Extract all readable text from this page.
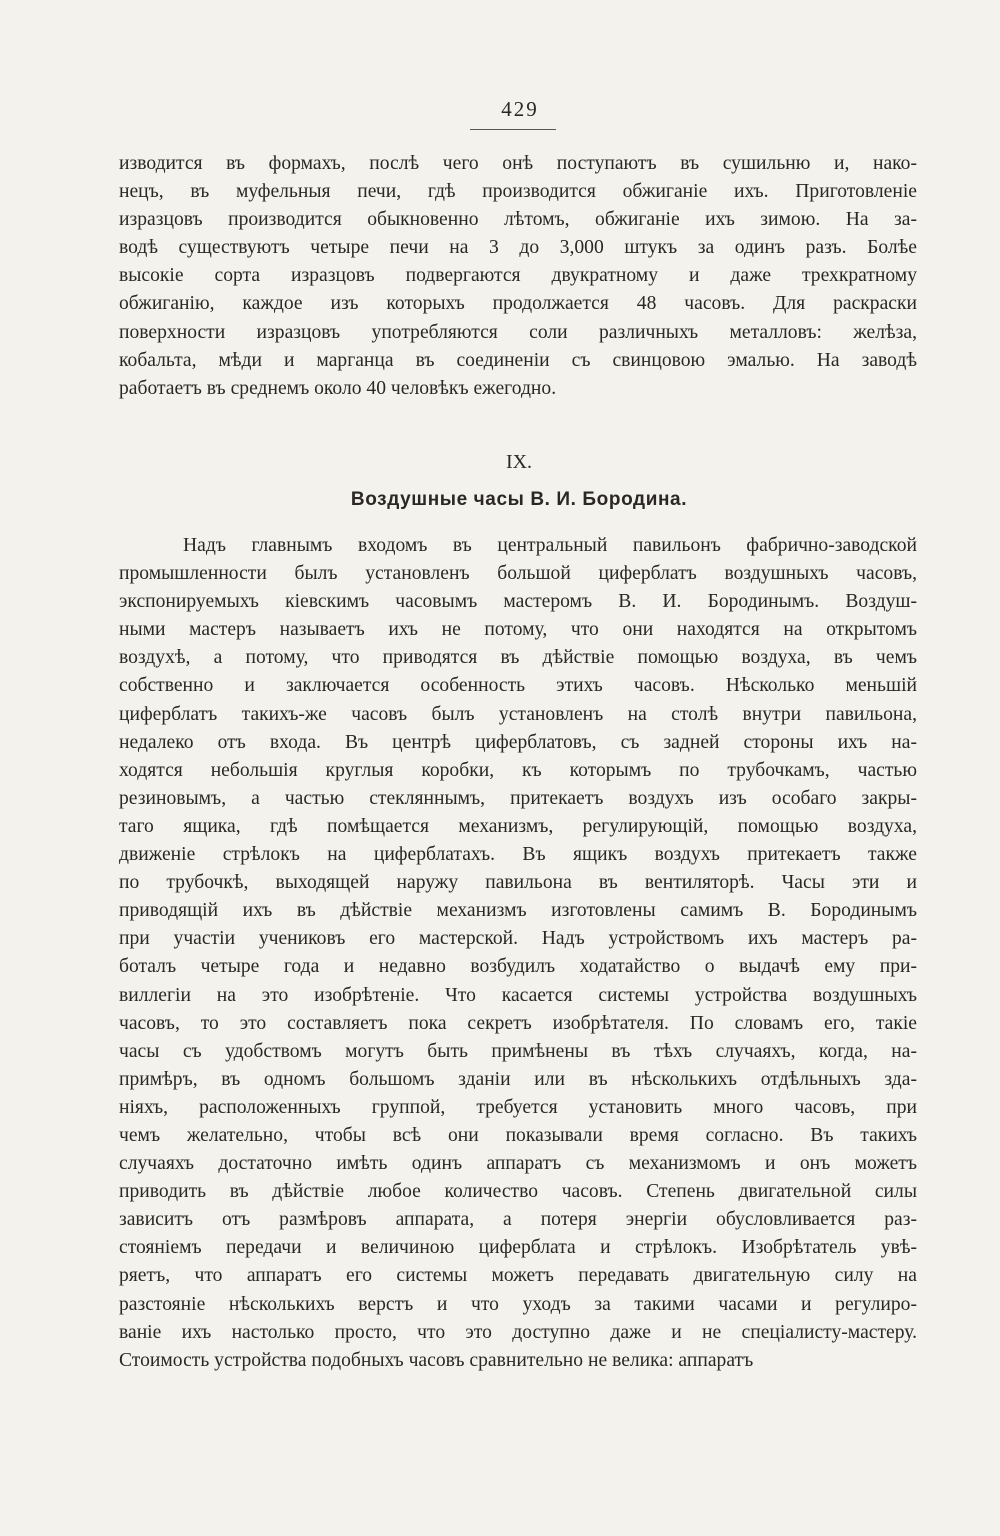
429
изводится въ формахъ, послѣ чего онѣ поступаютъ въ сушильню и, нако-
нецъ, въ муфельныя печи, гдѣ производится обжиганіе ихъ. Приготовленіе
изразцовъ производится обыкновенно лѣтомъ, обжиганіе ихъ зимою. На за-
водѣ существуютъ четыре печи на 3 до 3,000 штукъ за одинъ разъ. Болѣе
высокіе сорта изразцовъ подвергаются двукратному и даже трехкратному
обжиганію, каждое изъ которыхъ продолжается 48 часовъ. Для раскраски
поверхности изразцовъ употребляются соли различныхъ металловъ: желѣза,
кобальта, мѣди и марганца въ соединеніи съ свинцовою эмалью. На заводѣ
работаетъ въ среднемъ около 40 человѣкъ ежегодно.
IX.
Воздушные часы В. И. Бородина.
Надъ главнымъ входомъ въ центральный павильонъ фабрично-заводской
промышленности былъ установленъ большой циферблатъ воздушныхъ часовъ,
экспонируемыхъ кіевскимъ часовымъ мастеромъ В. И. Бородинымъ. Воздуш-
ными мастеръ называетъ ихъ не потому, что они находятся на открытомъ
воздухѣ, а потому, что приводятся въ дѣйствіе помощью воздуха, въ чемъ
собственно и заключается особенность этихъ часовъ. Нѣсколько меньшій
циферблатъ такихъ-же часовъ былъ установленъ на столѣ внутри павильона,
недалеко отъ входа. Въ центрѣ циферблатовъ, съ задней стороны ихъ на-
ходятся небольшія круглыя коробки, къ которымъ по трубочкамъ, частью
резиновымъ, а частью стекляннымъ, притекаетъ воздухъ изъ особаго закры-
таго ящика, гдѣ помѣщается механизмъ, регулирующій, помощью воздуха,
движеніе стрѣлокъ на циферблатахъ. Въ ящикъ воздухъ притекаетъ также
по трубочкѣ, выходящей наружу павильона въ вентиляторѣ. Часы эти и
приводящій ихъ въ дѣйствіе механизмъ изготовлены самимъ В. Бородинымъ
при участіи учениковъ его мастерской. Надъ устройствомъ ихъ мастеръ ра-
боталъ четыре года и недавно возбудилъ ходатайство о выдачѣ ему при-
виллегіи на это изобрѣтеніе. Что касается системы устройства воздушныхъ
часовъ, то это составляетъ пока секретъ изобрѣтателя. По словамъ его, такіе
часы съ удобствомъ могутъ быть примѣнены въ тѣхъ случаяхъ, когда, на-
примѣръ, въ одномъ большомъ зданіи или въ нѣсколькихъ отдѣльныхъ зда-
ніяхъ, расположенныхъ группой, требуется установить много часовъ, при
чемъ желательно, чтобы всѣ они показывали время согласно. Въ такихъ
случаяхъ достаточно имѣть одинъ аппаратъ съ механизмомъ и онъ можетъ
приводить въ дѣйствіе любое количество часовъ. Степень двигательной силы
зависитъ отъ размѣровъ аппарата, а потеря энергіи обусловливается раз-
стояніемъ передачи и величиною циферблата и стрѣлокъ. Изобрѣтатель увѣ-
ряетъ, что аппаратъ его системы можетъ передавать двигательную силу на
разстояніе нѣсколькихъ верстъ и что уходъ за такими часами и регулиро-
ваніе ихъ настолько просто, что это доступно даже и не спеціалисту-мастеру.
Стоимость устройства подобныхъ часовъ сравнительно не велика: аппаратъ
